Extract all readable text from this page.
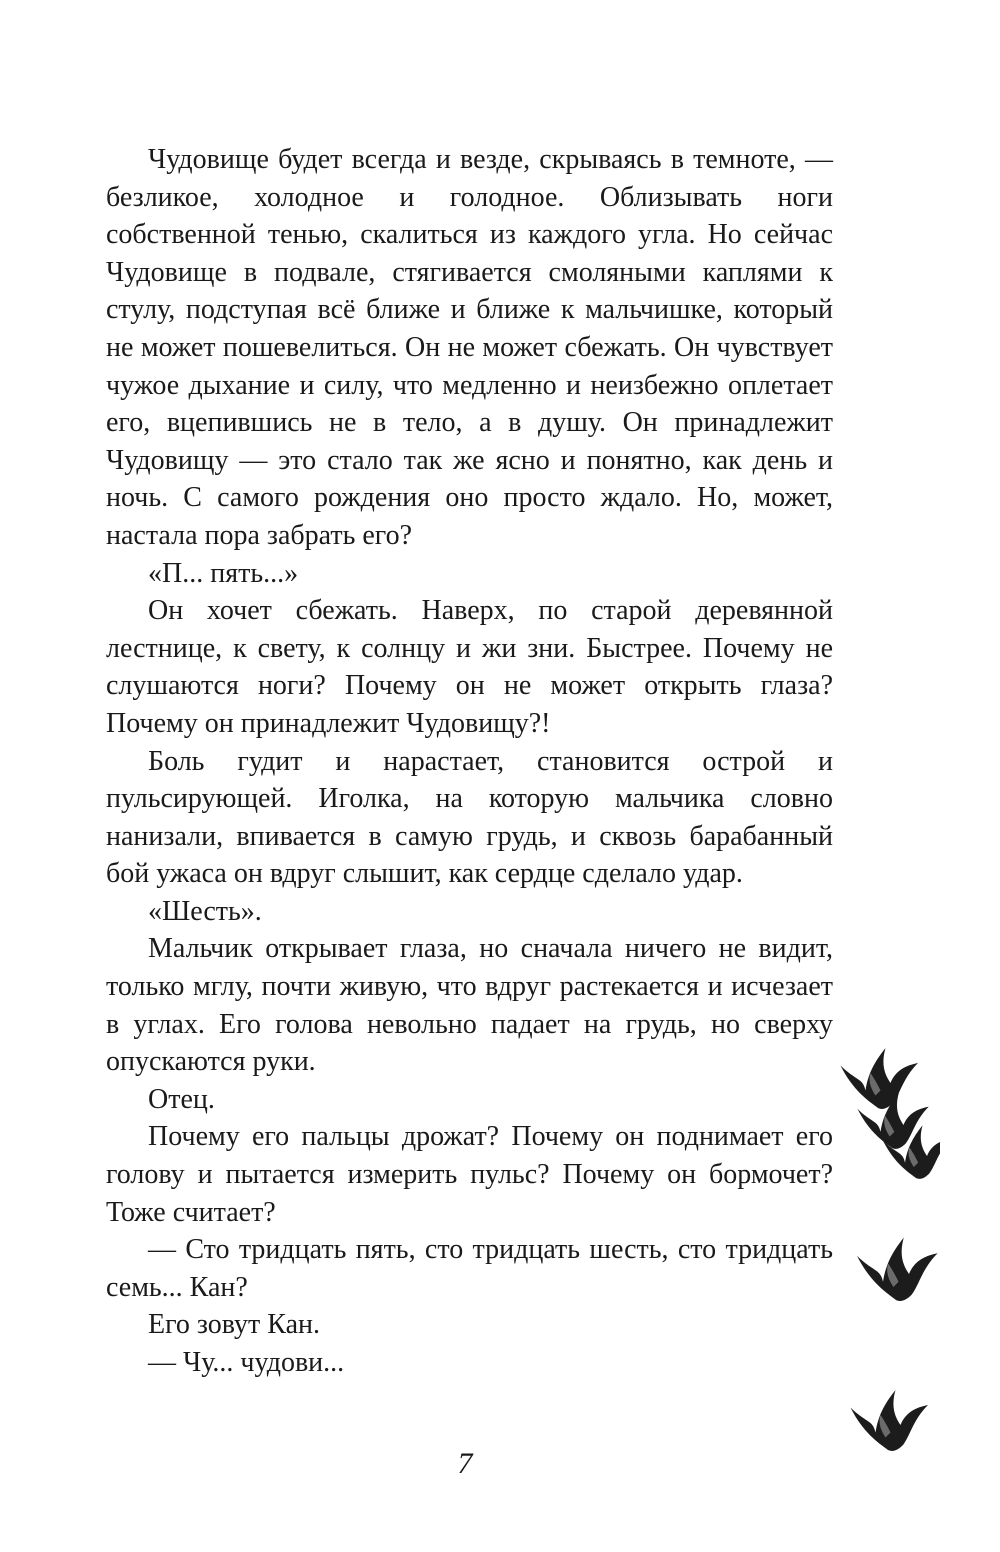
Чудовище будет всегда и везде, скрываясь в темноте, — безликое, холодное и голодное. Облизывать ноги собственной тенью, скалиться из каждого угла. Но сейчас Чудовище в подвале, стягивается смоляными каплями к стулу, подступая всё ближе и ближе к мальчишке, который не может пошевелиться. Он не может сбежать. Он чувствует чужое дыхание и силу, что медленно и неизбежно оплетает его, вцепившись не в тело, а в душу. Он принадлежит Чудовищу — это стало так же ясно и понятно, как день и ночь. С самого рождения оно просто ждало. Но, может, настала пора забрать его?

«П... пять...»

Он хочет сбежать. Наверх, по старой деревянной лестнице, к свету, к солнцу и жи зни. Быстрее. Почему не слушаются ноги? Почему он не может открыть глаза? Почему он принадлежит Чудовищу?!

Боль гудит и нарастает, становится острой и пульсирующей. Иголка, на которую мальчика словно нанизали, впивается в самую грудь, и сквозь барабанный бой ужаса он вдруг слышит, как сердце сделало удар.

«Шесть».

Мальчик открывает глаза, но сначала ничего не видит, только мглу, почти живую, что вдруг растекается и исчезает в углах. Его голова невольно падает на грудь, но сверху опускаются руки.

Отец.

Почему его пальцы дрожат? Почему он поднимает его голову и пытается измерить пульс? Почему он бормочет? Тоже считает?

— Сто тридцать пять, сто тридцать шесть, сто тридцать семь... Кан?

Его зовут Кан.

— Чу... чудови...

7
